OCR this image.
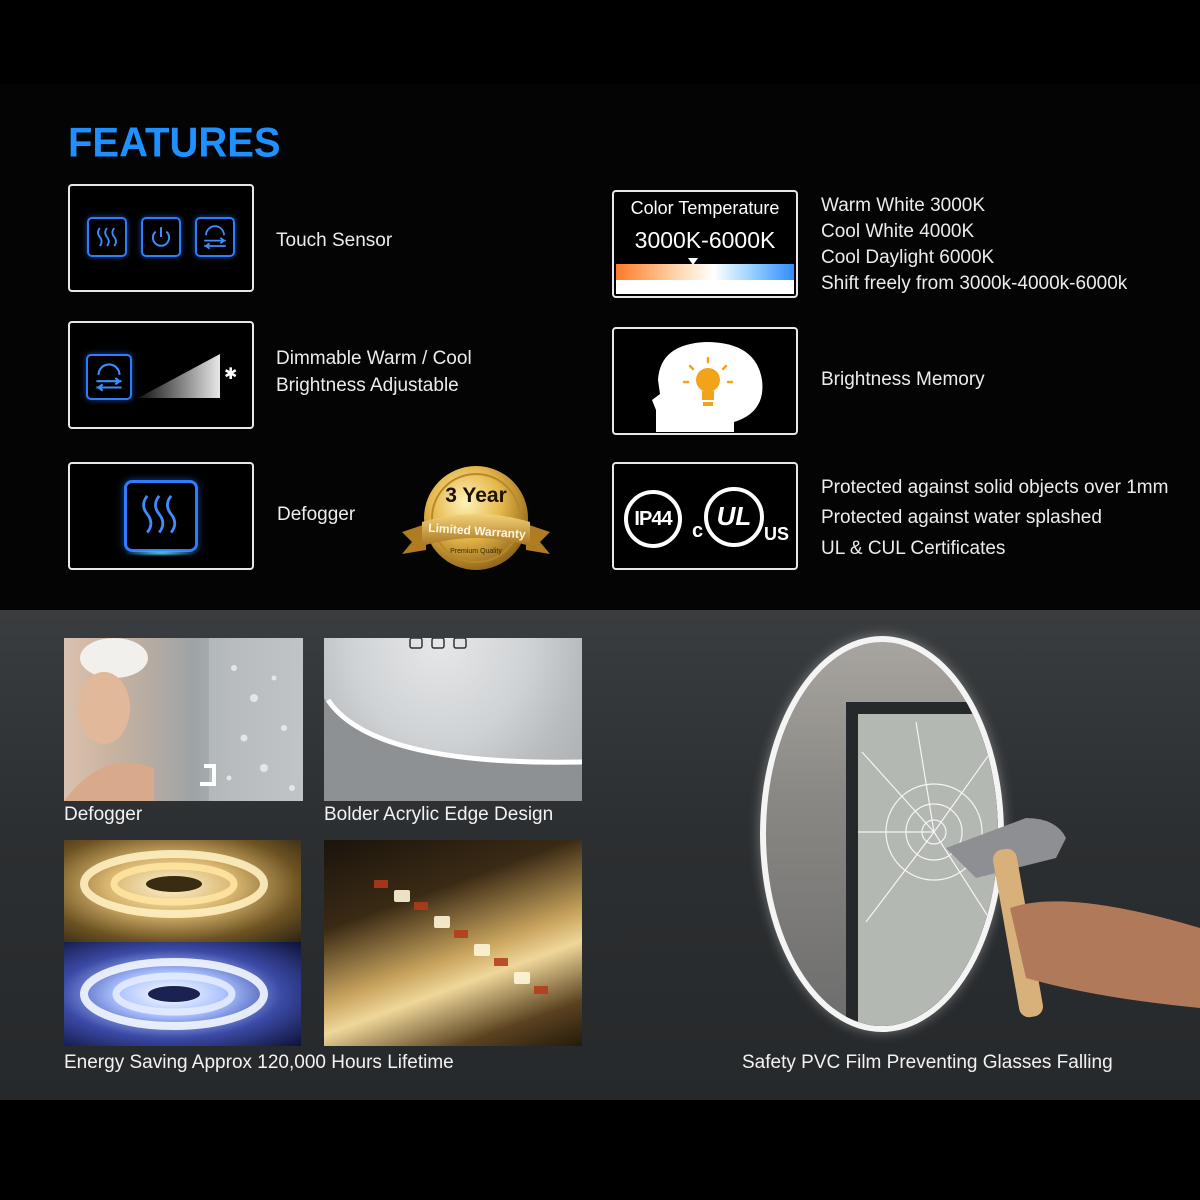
FEATURES
Touch Sensor
✱
Dimmable Warm / Cool
Brightness Adjustable
Defogger
3 Year
Limited Warranty
Premium Quality
Color Temperature
3000K-6000K
Warm White 3000K
Cool White 4000K
Cool Daylight 6000K
Shift freely from 3000k-4000k-6000k
Brightness Memory
IP44
c UL
US
Protected against solid objects over 1mm
Protected against water splashed
UL & CUL Certificates
Defogger	Bolder Acrylic Edge Design
Energy Saving Approx 120,000 Hours Lifetime	Safety PVC Film Preventing Glasses Falling
